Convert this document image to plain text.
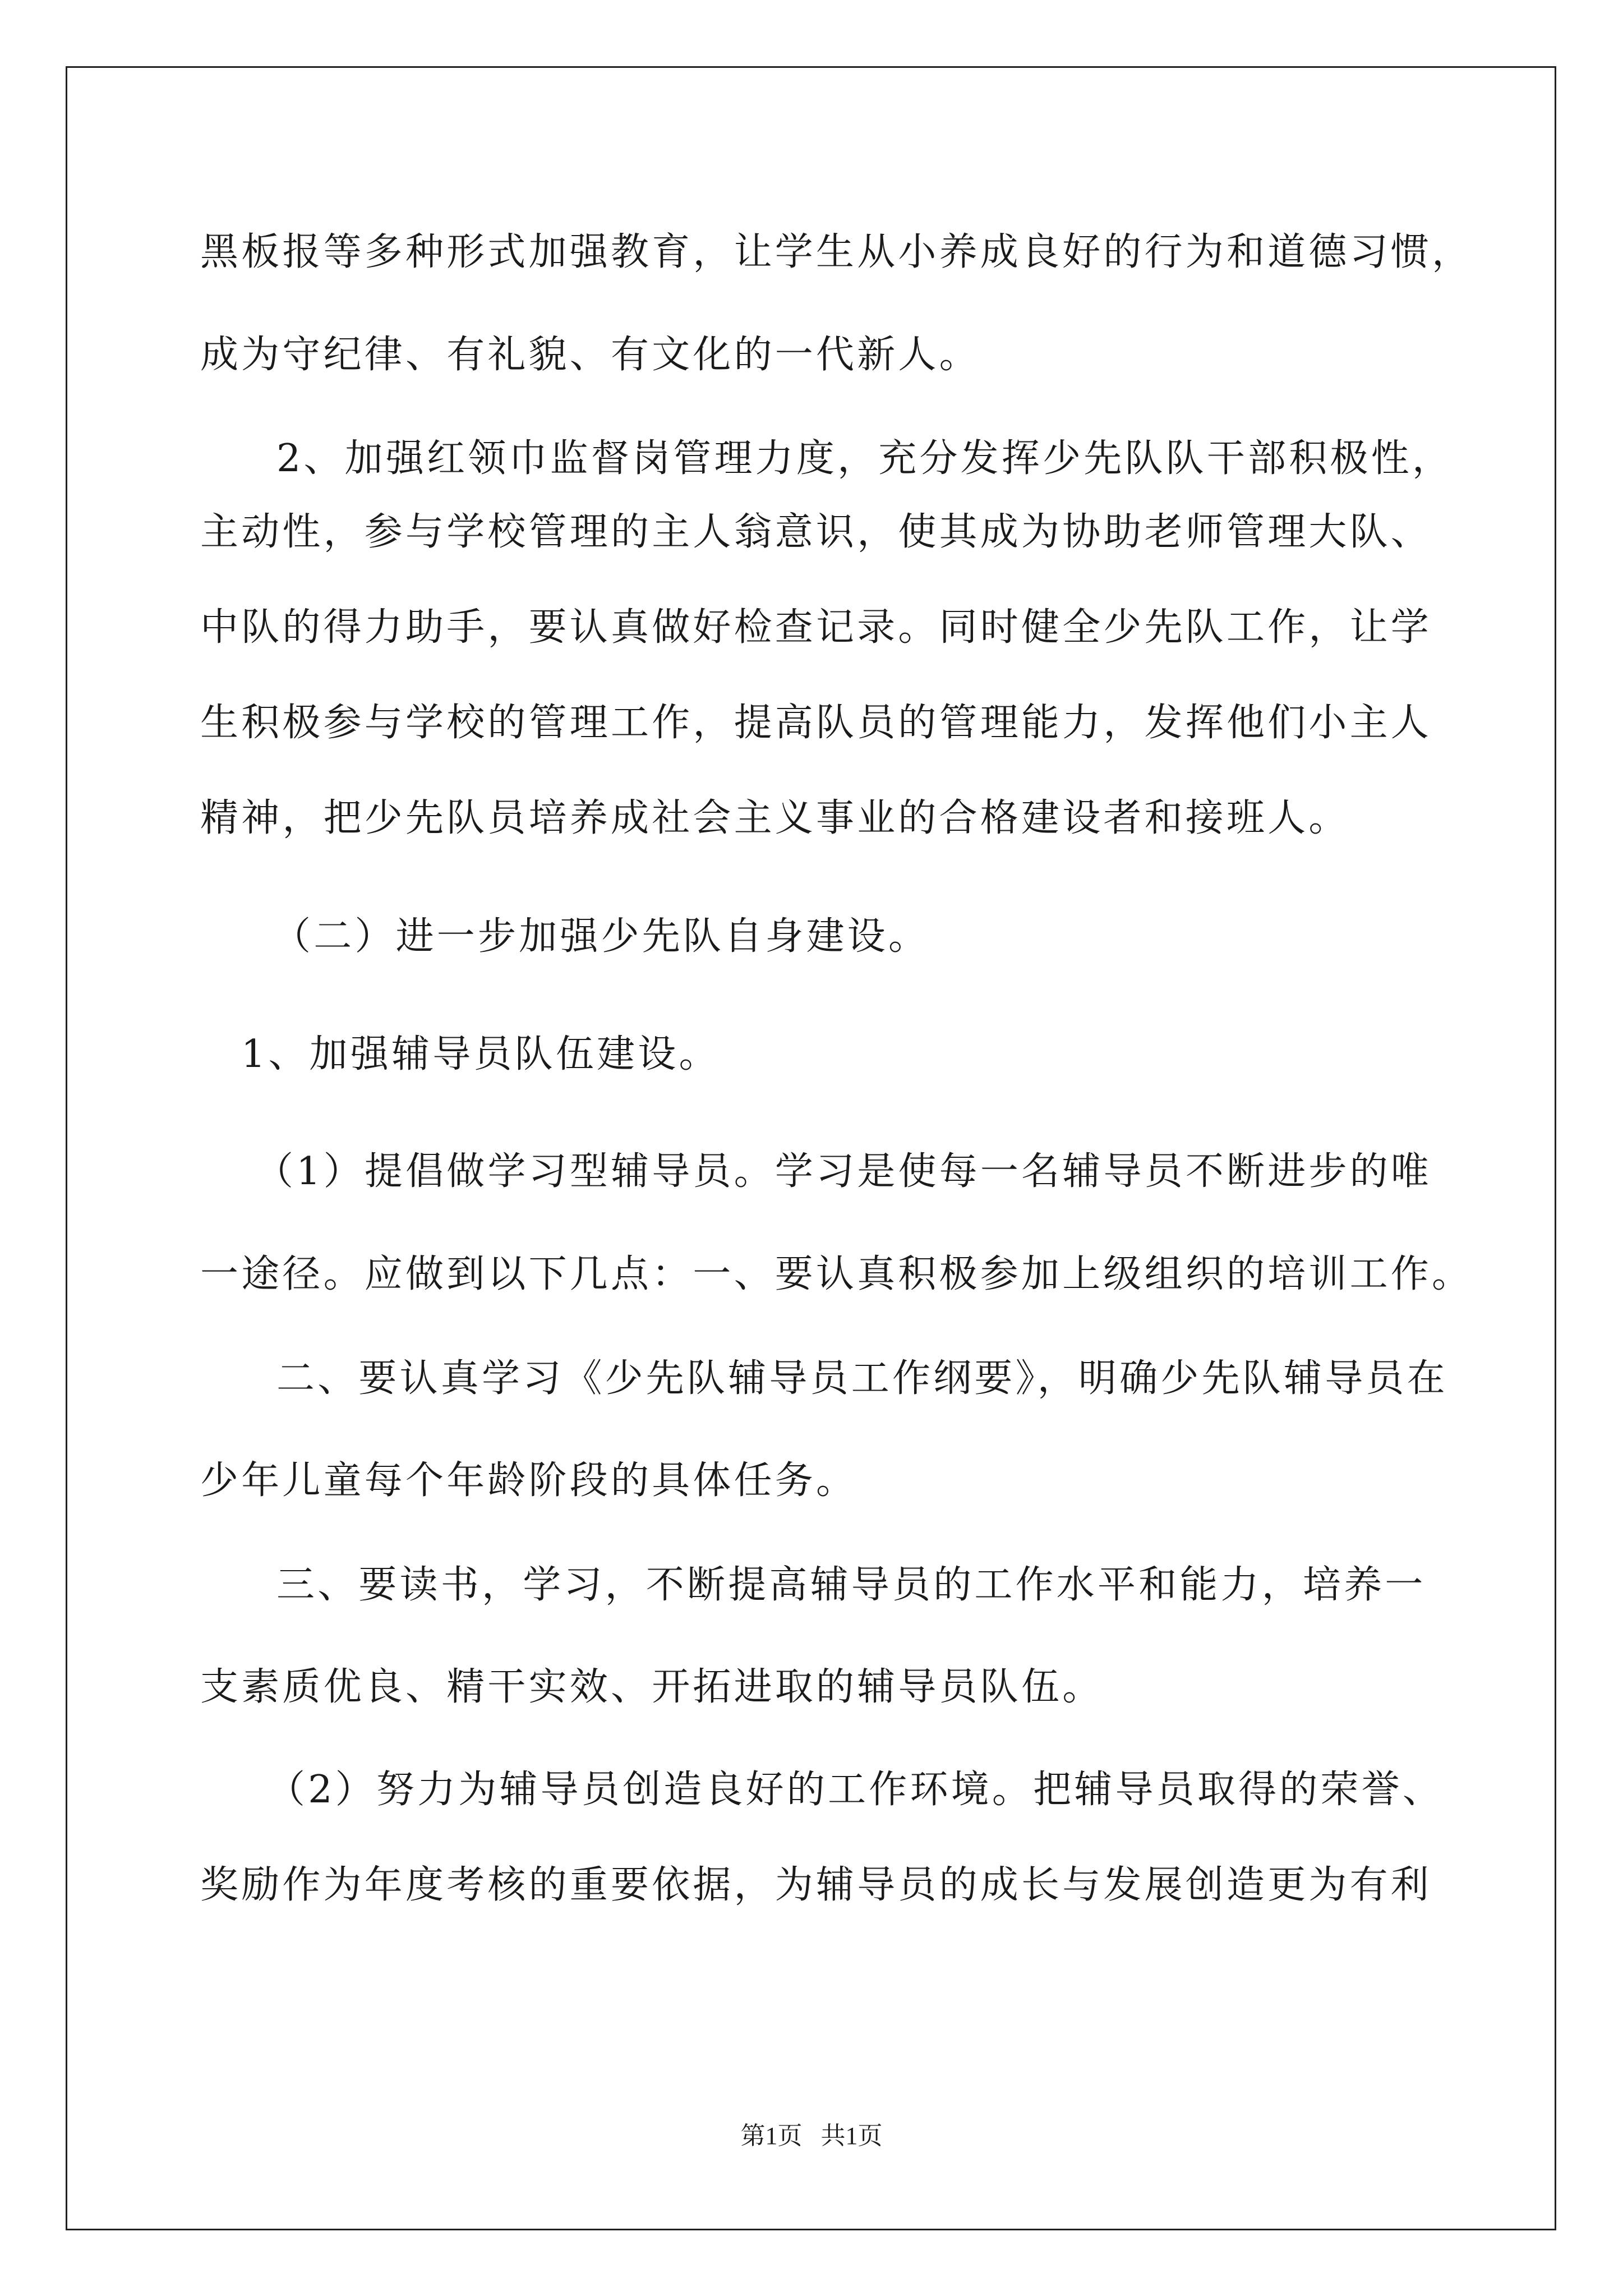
黑板报等多种形式加强教育，让学生从小养成良好的行为和道德习惯，
成为守纪律、有礼貌、有文化的一代新人。
2、加强红领巾监督岗管理力度，充分发挥少先队队干部积极性，
主动性，参与学校管理的主人翁意识，使其成为协助老师管理大队、
中队的得力助手，要认真做好检查记录。同时健全少先队工作，让学
生积极参与学校的管理工作，提高队员的管理能力，发挥他们小主人
精神，把少先队员培养成社会主义事业的合格建设者和接班人。
（二）进一步加强少先队自身建设。
1、加强辅导员队伍建设。
（1）提倡做学习型辅导员。学习是使每一名辅导员不断进步的唯
一途径。应做到以下几点：一、要认真积极参加上级组织的培训工作。
二、要认真学习《少先队辅导员工作纲要》，明确少先队辅导员在
少年儿童每个年龄阶段的具体任务。
三、要读书，学习，不断提高辅导员的工作水平和能力，培养一
支素质优良、精干实效、开拓进取的辅导员队伍。
（2）努力为辅导员创造良好的工作环境。把辅导员取得的荣誉、
奖励作为年度考核的重要依据，为辅导员的成长与发展创造更为有利
第1页   共1页
